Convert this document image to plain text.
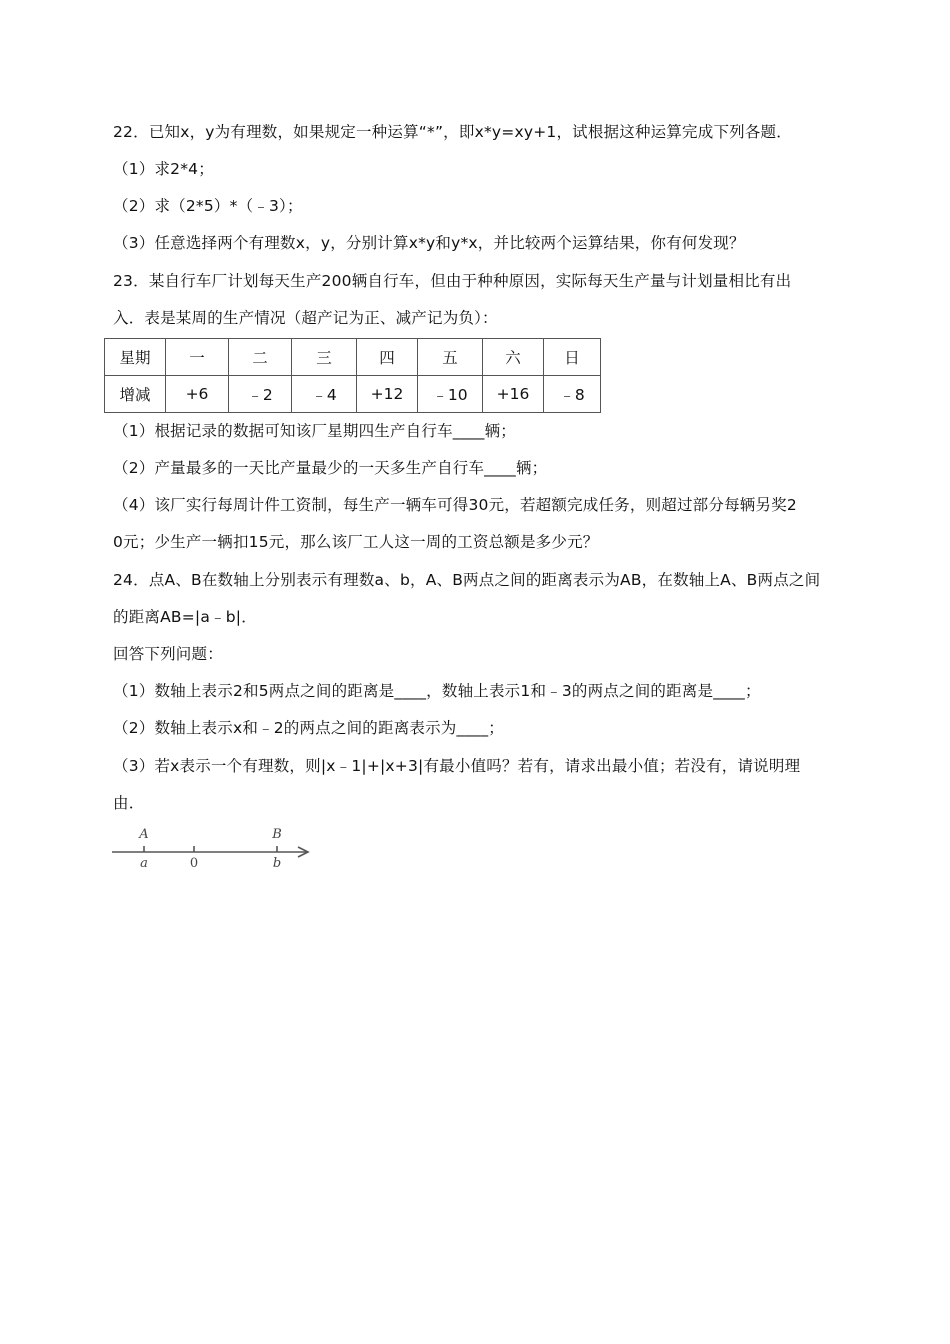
22．已知x，y为有理数，如果规定一种运算“*”，即x*y=xy+1，试根据这种运算完成下列各题．
（1）求2*4；
（2）求（2*5）*（﹣3）；
（3）任意选择两个有理数x，y，分别计算x*y和y*x，并比较两个运算结果，你有何发现？
23．某自行车厂计划每天生产200辆自行车，但由于种种原因，实际每天生产量与计划量相比有出
入．表是某周的生产情况（超产记为正、减产记为负）：
星期	一	二	三	四	五	六	日
增减	+6	﹣2	﹣4	+12	﹣10	+16	﹣8
（1）根据记录的数据可知该厂星期四生产自行车____辆；
（2）产量最多的一天比产量最少的一天多生产自行车____辆；
（4）该厂实行每周计件工资制，每生产一辆车可得30元，若超额完成任务，则超过部分每辆另奖2
0元；少生产一辆扣15元，那么该厂工人这一周的工资总额是多少元？
24．点A、B在数轴上分别表示有理数a、b，A、B两点之间的距离表示为AB，在数轴上A、B两点之间
的距离AB=|a﹣b|．
回答下列问题：
（1）数轴上表示2和5两点之间的距离是____，数轴上表示1和﹣3的两点之间的距离是____；
（2）数轴上表示x和﹣2的两点之间的距离表示为____；
（3）若x表示一个有理数，则|x﹣1|+|x+3|有最小值吗？若有，请求出最小值；若没有，请说明理
由．
A	B
a	0	b
